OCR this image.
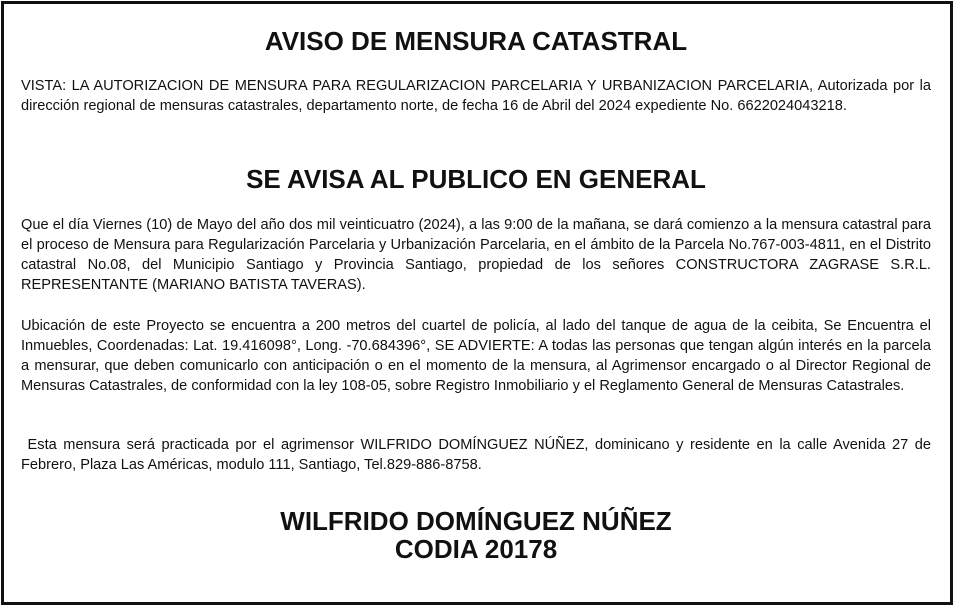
AVISO DE MENSURA CATASTRAL

VISTA: LA AUTORIZACION DE MENSURA PARA REGULARIZACION PARCELARIA Y URBANIZACION PARCELARIA, Autorizada por la dirección regional de mensuras catastrales, departamento norte, de fecha 16 de Abril del 2024 expediente No. 6622024043218.

SE AVISA AL PUBLICO EN GENERAL

Que el día Viernes (10) de Mayo del año dos mil veinticuatro (2024), a las 9:00 de la mañana, se dará comienzo a la mensura catastral para el proceso de Mensura para Regularización Parcelaria y Urbanización Parcelaria, en el ámbito de la Parcela No.767-003-4811, en el Distrito catastral No.08, del Municipio Santiago y Provincia Santiago, propiedad de los señores CONSTRUCTORA ZAGRASE S.R.L. REPRESENTANTE (MARIANO BATISTA TAVERAS).

Ubicación de este Proyecto se encuentra a 200 metros del cuartel de policía, al lado del tanque de agua de la ceibita, Se Encuentra el Inmuebles, Coordenadas: Lat. 19.416098°, Long. -70.684396°, SE ADVIERTE: A todas las personas que tengan algún interés en la parcela a mensurar, que deben comunicarlo con anticipación o en el momento de la mensura, al Agrimensor encargado o al Director Regional de Mensuras Catastrales, de conformidad con la ley 108-05, sobre Registro Inmobiliario y el Reglamento General de Mensuras Catastrales.

Esta mensura será practicada por el agrimensor WILFRIDO DOMÍNGUEZ NÚÑEZ, dominicano y residente en la calle Avenida 27 de Febrero, Plaza Las Américas, modulo 111, Santiago, Tel.829-886-8758.

WILFRIDO DOMÍNGUEZ NÚÑEZ
CODIA 20178
